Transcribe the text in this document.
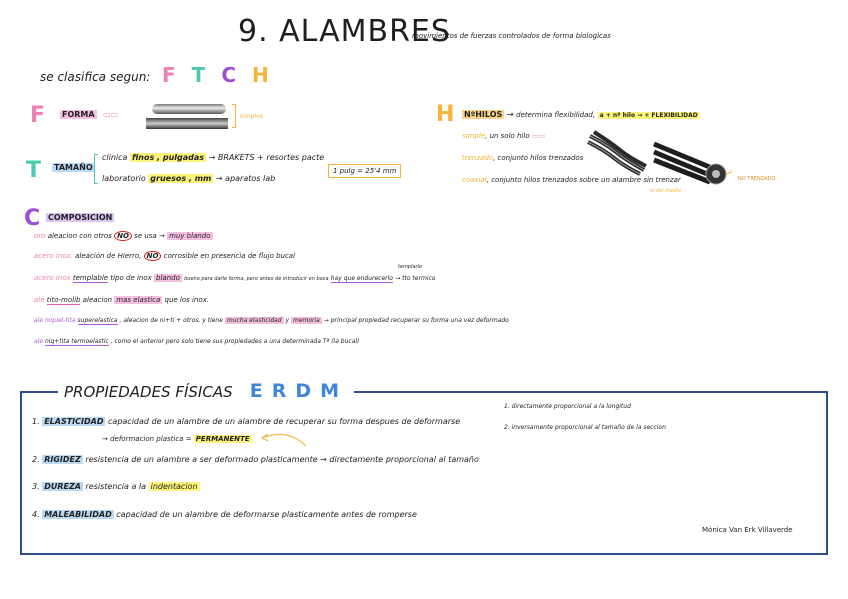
9. ALAMBRES
movimientos de fuerzas controlados de forma biologicas
se clasifica segun: F T C H
F FORMA ▭▭	simples
T TAMAÑO
clinica finos , pulgadas → BRAKETS + resortes pacte
laboratorio gruesos , mm → aparatos lab
1 pulg = 25'4 mm
H NºHILOS → determina flexibilidad, a + nº hilo → + FLEXIBILIDAD
simple, un solo hilo ▭▭
trenzado, conjunto hilos trenzados
coaxial, conjunto hilos trenzados sobre un alambre sin trenzar
el del medio
NO TRENZADO
C COMPOSICION
oro aleacion con otros NO se usa → muy blando
acero inox. aleación de Hierro, NO corrosible en presencia de flujo bucal
acero inox templable tipo de inox blando bueno para darle forma, pero antes de introducir en boca hay que endurecerlo → tto termico
templarlo
ale tito-molib aleacion mas elastica que los inox.
ale niquel-tita superelastica , aleacion de ni+ti + otros, y tiene mucha elasticidad y memoria → principal propiedad recuperar su forma una vez deformado
ale niq+tita termoelastic , como el anterior pero solo tiene sus propiedades a una determinada Tª (la bucal)
PROPIEDADES FÍSICAS E R D M
1. ELASTICIDAD capacidad de un alambre de un alambre de recuperar su forma despues de deformarse
→ deformacion plastica = PERMANENTE
1. directamente proporcional a la longitud
2. inversamente proporcional al tamaño de la seccion
2. RIGIDEZ resistencia de un alambre a ser deformado plasticamente → directamente proporcional al tamaño
3. DUREZA resistencia a la indentacion
4. MALEABILIDAD capacidad de un alambre de deformarse plasticamente antes de romperse
Mónica Van Erk Villaverde
